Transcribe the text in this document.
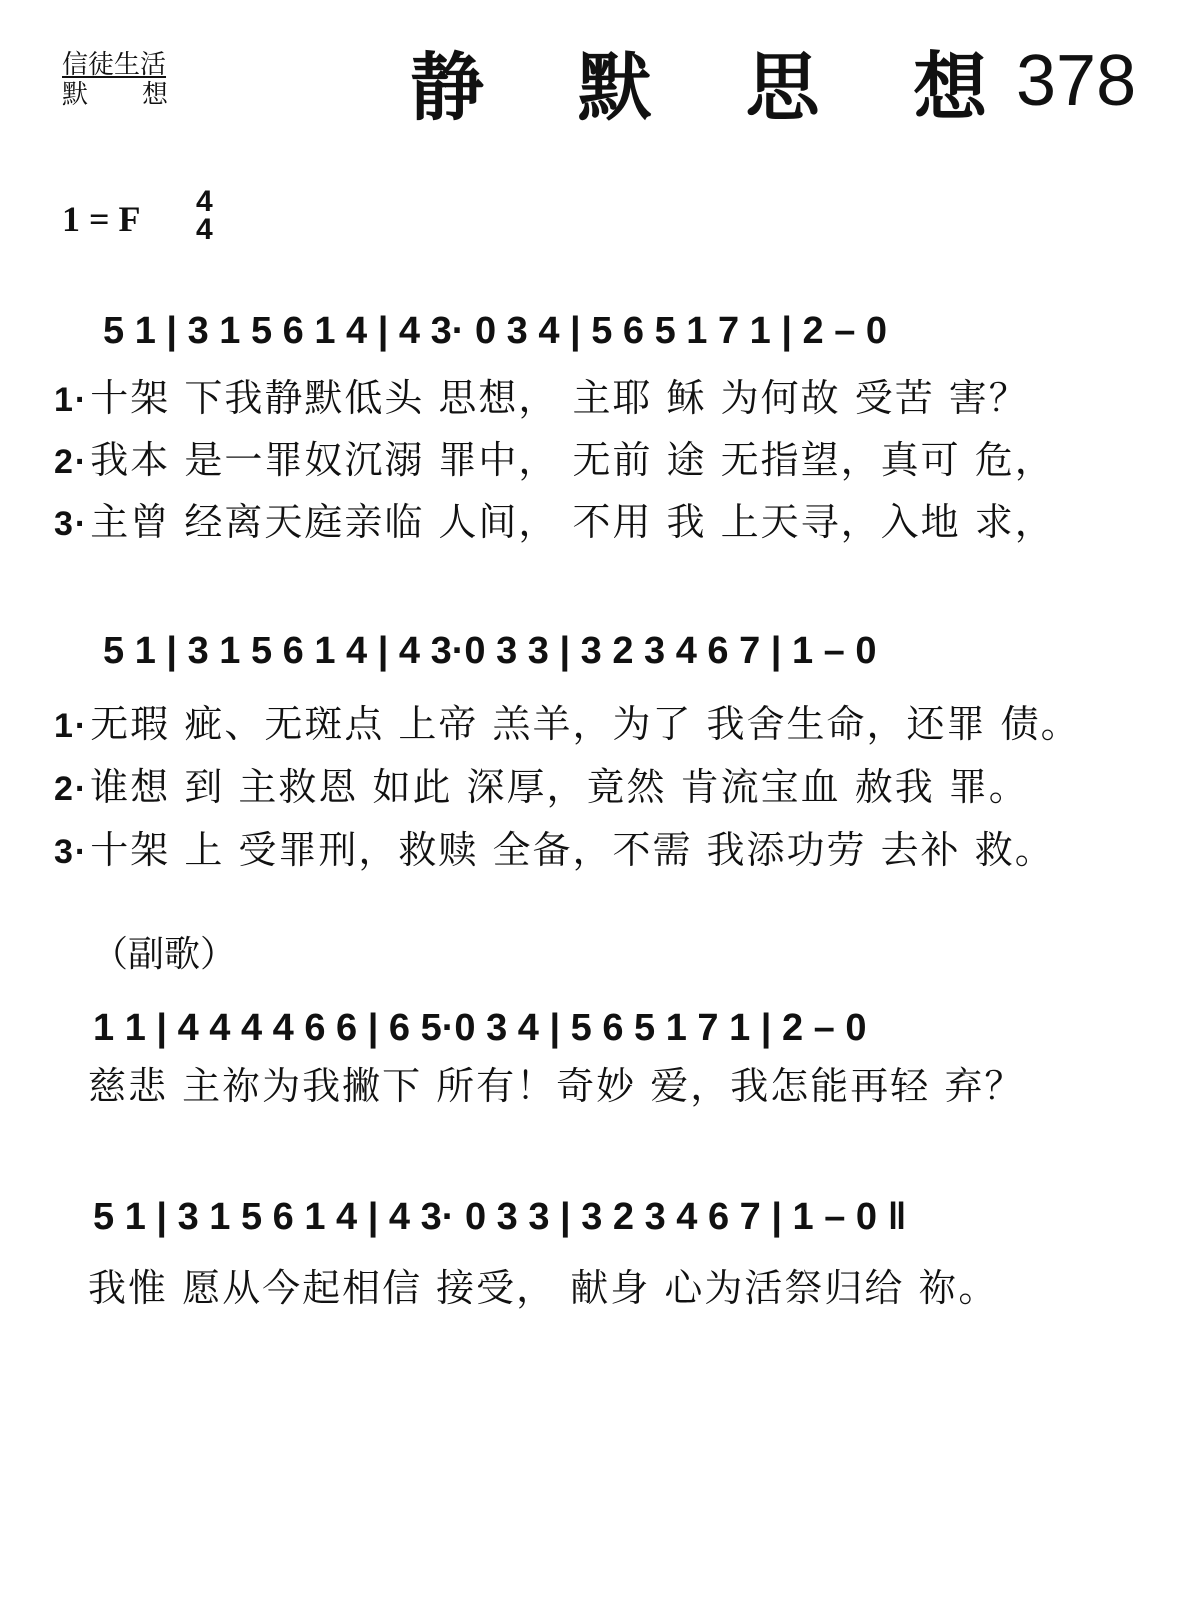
信徒生活
默想	静 默 思 想
378
1 = F 4
4
5 1 | 3 1 5 6 1 4 | 4 3· 0 3 4 | 5 6 5 1 7 1 | 2 – 0
1·十架 下我静默低头 思想， 主耶 稣 为何故 受苦 害？
2·我本 是一罪奴沉溺 罪中， 无前 途 无指望，真可 危，
3·主曾 经离天庭亲临 人间， 不用 我 上天寻，入地 求，
5 1 | 3 1 5 6 1 4 | 4 3·0 3 3 | 3 2 3 4 6 7 | 1 – 0
1·无瑕 疵、无斑点 上帝 羔羊，为了 我舍生命，还罪 债。
2·谁想 到 主救恩 如此 深厚，竟然 肯流宝血 赦我 罪。
3·十架 上 受罪刑，救赎 全备，不需 我添功劳 去补 救。
（副歌）
1 1 | 4 4 4 4 6 6 | 6 5·0 3 4 | 5 6 5 1 7 1 | 2 – 0
慈悲 主祢为我撇下 所有！奇妙 爱，我怎能再轻 弃？
5 1 | 3 1 5 6 1 4 | 4 3· 0 3 3 | 3 2 3 4 6 7 | 1 – 0 ‖
我惟 愿从今起相信 接受， 献身 心为活祭归给 祢。
